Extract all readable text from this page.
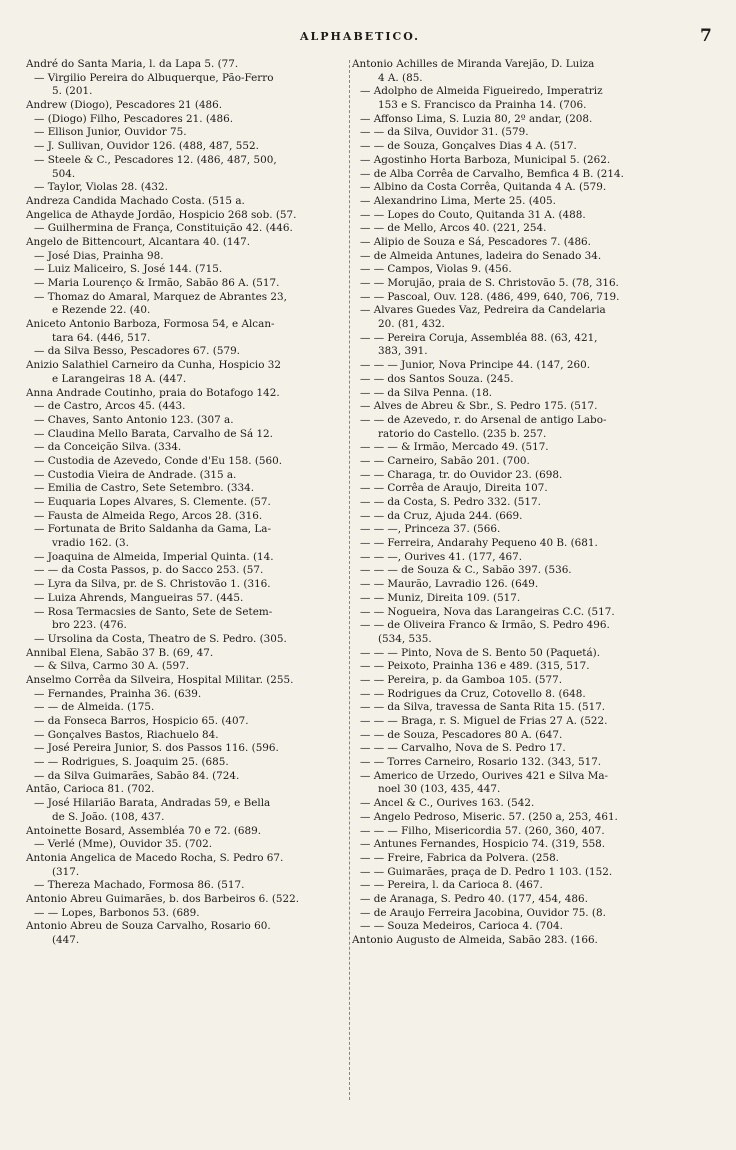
ALPHABETICO.	7
André do Santa Maria, l. da Lapa 5. (77.
— Virgilio Pereira do Albuquerque, Pão-Ferro
5. (201.
Andrew (Diogo), Pescadores 21 (486.
— (Diogo) Filho, Pescadores 21. (486.
— Ellison Junior, Ouvidor 75.
— J. Sullivan, Ouvidor 126. (488, 487, 552.
— Steele & C., Pescadores 12. (486, 487, 500,
504.
— Taylor, Violas 28. (432.
Andreza Candida Machado Costa. (515 a.
Angelica de Athayde Jordão, Hospicio 268 sob. (57.
— Guilhermina de França, Constituição 42. (446.
Angelo de Bittencourt, Alcantara 40. (147.
— José Dias, Prainha 98.
— Luiz Maliceiro, S. José 144. (715.
— Maria Lourenço & Irmão, Sabão 86 A. (517.
— Thomaz do Amaral, Marquez de Abrantes 23,
e Rezende 22. (40.
Aniceto Antonio Barboza, Formosa 54, e Alcan-
tara 64. (446, 517.
— da Silva Besso, Pescadores 67. (579.
Anizio Salathiel Carneiro da Cunha, Hospicio 32
e Larangeiras 18 A. (447.
Anna Andrade Coutinho, praia do Botafogo 142.
— de Castro, Arcos 45. (443.
— Chaves, Santo Antonio 123. (307 a.
— Claudina Mello Barata, Carvalho de Sá 12.
— da Conceição Silva. (334.
— Custodia de Azevedo, Conde d'Eu 158. (560.
— Custodia Vieira de Andrade. (315 a.
— Emilia de Castro, Sete Setembro. (334.
— Euquaria Lopes Alvares, S. Clemente. (57.
— Fausta de Almeida Rego, Arcos 28. (316.
— Fortunata de Brito Saldanha da Gama, La-
vradio 162. (3.
— Joaquina de Almeida, Imperial Quinta. (14.
— — da Costa Passos, p. do Sacco 253. (57.
— Lyra da Silva, pr. de S. Christovão 1. (316.
— Luiza Ahrends, Mangueiras 57. (445.
— Rosa Termacsies de Santo, Sete de Setem-
bro 223. (476.
— Ursolina da Costa, Theatro de S. Pedro. (305.
Annibal Elena, Sabão 37 B. (69, 47.
— & Silva, Carmo 30 A. (597.
Anselmo Corrêa da Silveira, Hospital Militar. (255.
— Fernandes, Prainha 36. (639.
— — de Almeida. (175.
— da Fonseca Barros, Hospicio 65. (407.
— Gonçalves Bastos, Riachuelo 84.
— José Pereira Junior, S. dos Passos 116. (596.
— — Rodrigues, S. Joaquim 25. (685.
— da Silva Guimarães, Sabão 84. (724.
Antão, Carioca 81. (702.
— José Hilarião Barata, Andradas 59, e Bella
de S. João. (108, 437.
Antoinette Bosard, Assembléa 70 e 72. (689.
— Verlé (Mme), Ouvidor 35. (702.
Antonia Angelica de Macedo Rocha, S. Pedro 67.
(317.
— Thereza Machado, Formosa 86. (517.
Antonio Abreu Guimarães, b. dos Barbeiros 6. (522.
— — Lopes, Barbonos 53. (689.
Antonio Abreu de Souza Carvalho, Rosario 60.
(447.
Antonio Achilles de Miranda Varejão, D. Luiza
4 A. (85.
— Adolpho de Almeida Figueiredo, Imperatriz
153 e S. Francisco da Prainha 14. (706.
— Affonso Lima, S. Luzia 80, 2º andar, (208.
— — da Silva, Ouvidor 31. (579.
— — de Souza, Gonçalves Dias 4 A. (517.
— Agostinho Horta Barboza, Municipal 5. (262.
— de Alba Corrêa de Carvalho, Bemfica 4 B. (214.
— Albino da Costa Corrêa, Quitanda 4 A. (579.
— Alexandrino Lima, Merte 25. (405.
— — Lopes do Couto, Quitanda 31 A. (488.
— — de Mello, Arcos 40. (221, 254.
— Alipio de Souza e Sá, Pescadores 7. (486.
— de Almeida Antunes, ladeira do Senado 34.
— — Campos, Violas 9. (456.
— — Morujão, praia de S. Christovão 5. (78, 316.
— — Pascoal, Ouv. 128. (486, 499, 640, 706, 719.
— Alvares Guedes Vaz, Pedreira da Candelaria
20. (81, 432.
— — Pereira Coruja, Assembléa 88. (63, 421,
383, 391.
— — — Junior, Nova Principe 44. (147, 260.
— — dos Santos Souza. (245.
— — da Silva Penna. (18.
— Alves de Abreu & Sbr., S. Pedro 175. (517.
— — de Azevedo, r. do Arsenal de antigo Labo-
ratorio do Castello. (235 b. 257.
— — — & Irmão, Mercado 49. (517.
— — Carneiro, Sabão 201. (700.
— — Charaga, tr. do Ouvidor 23. (698.
— — Corrêa de Araujo, Direita 107.
— — da Costa, S. Pedro 332. (517.
— — da Cruz, Ajuda 244. (669.
— — —, Princeza 37. (566.
— — Ferreira, Andarahy Pequeno 40 B. (681.
— — —, Ourives 41. (177, 467.
— — — de Souza & C., Sabão 397. (536.
— — Maurão, Lavradio 126. (649.
— — Muniz, Direita 109. (517.
— — Nogueira, Nova das Larangeiras C.C. (517.
— — de Oliveira Franco & Irmão, S. Pedro 496.
(534, 535.
— — — Pinto, Nova de S. Bento 50 (Paquetá).
— — Peixoto, Prainha 136 e 489. (315, 517.
— — Pereira, p. da Gamboa 105. (577.
— — Rodrigues da Cruz, Cotovello 8. (648.
— — da Silva, travessa de Santa Rita 15. (517.
— — — Braga, r. S. Miguel de Frias 27 A. (522.
— — de Souza, Pescadores 80 A. (647.
— — — Carvalho, Nova de S. Pedro 17.
— — Torres Carneiro, Rosario 132. (343, 517.
— Americo de Urzedo, Ourives 421 e Silva Ma-
noel 30 (103, 435, 447.
— Ancel & C., Ourives 163. (542.
— Angelo Pedroso, Miseric. 57. (250 a, 253, 461.
— — — Filho, Misericordia 57. (260, 360, 407.
— Antunes Fernandes, Hospicio 74. (319, 558.
— — Freire, Fabrica da Polvera. (258.
— — Guimarães, praça de D. Pedro 1 103. (152.
— — Pereira, l. da Carioca 8. (467.
— de Aranaga, S. Pedro 40. (177, 454, 486.
— de Araujo Ferreira Jacobina, Ouvidor 75. (8.
— — Souza Medeiros, Carioca 4. (704.
Antonio Augusto de Almeida, Sabão 283. (166.
